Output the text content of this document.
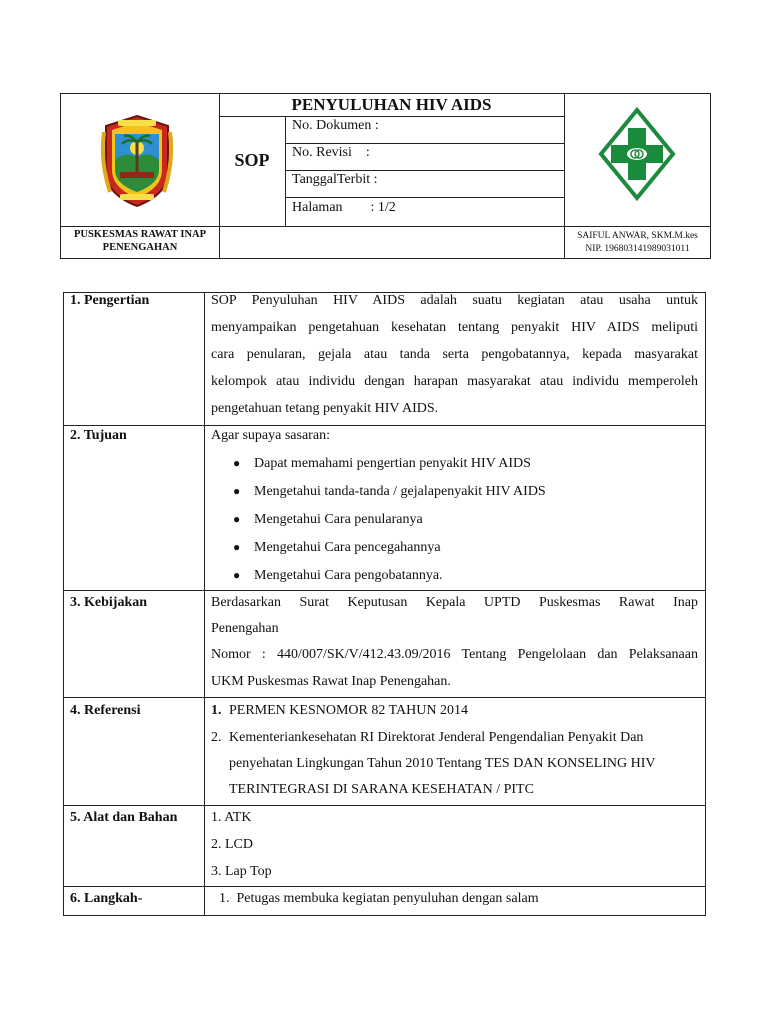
PENYULUHAN HIV AIDS
SOP
No. Dokumen :
No. Revisi    :
TanggalTerbit :
Halaman        : 1/2
PUSKESMAS RAWAT INAP
PENENGAHAN
SAIFUL ANWAR, SKM.M.kes
NIP. 196803141989031011
1. Pengertian	SOP Penyuluhan HIV AIDS adalah suatu kegiatan atau usaha untuk
menyampaikan pengetahuan kesehatan tentang penyakit HIV AIDS meliputi
cara penularan, gejala atau tanda serta pengobatannya, kepada masyarakat
kelompok atau individu dengan harapan masyarakat atau individu memperoleh
pengetahuan tetang penyakit HIV AIDS.
2. Tujuan	Agar supaya sasaran:
● Dapat memahami pengertian penyakit HIV AIDS
● Mengetahui tanda-tanda / gejalapenyakit HIV AIDS
● Mengetahui Cara penularanya
● Mengetahui Cara pencegahannya
● Mengetahui Cara pengobatannya.
3. Kebijakan	Berdasarkan Surat Keputusan Kepala UPTD Puskesmas Rawat Inap
Penengahan
Nomor : 440/007/SK/V/412.43.09/2016 Tentang Pengelolaan dan Pelaksanaan
UKM Puskesmas Rawat Inap Penengahan.
4. Referensi	1. PERMEN KESNOMOR 82 TAHUN 2014
2. Kementeriankesehatan RI Direktorat Jenderal Pengendalian Penyakit Dan
penyehatan Lingkungan Tahun 2010 Tentang TES DAN KONSELING HIV
TERINTEGRASI DI SARANA KESEHATAN / PITC
5. Alat dan Bahan 1. ATK
2. LCD
3. Lap Top
6. Langkah-	1.  Petugas membuka kegiatan penyuluhan dengan salam
